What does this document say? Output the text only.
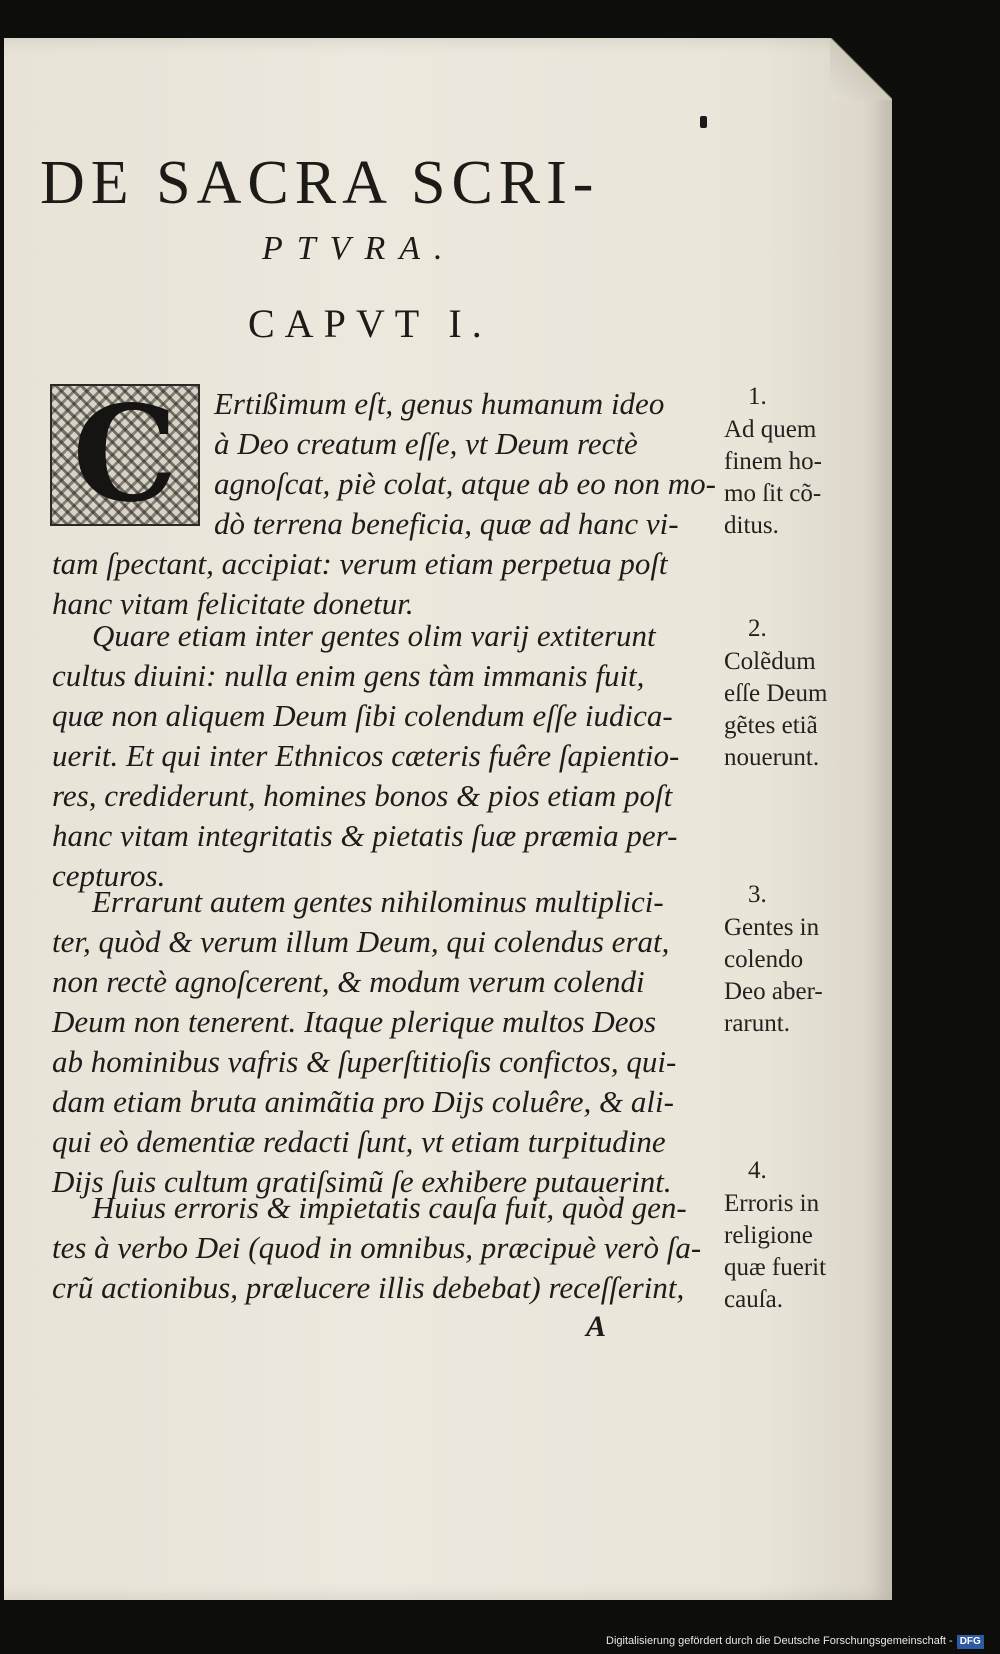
DE SACRA SCRI-
PTVRA.
CAPVT I.
C	Ertißimum eſt, genus humanum ideo
à Deo creatum eſſe, vt Deum rectè
agnoſcat, piè colat, atque ab eo non mo-
dò terrena beneficia, quæ ad hanc vi-
tam ſpectant, accipiat: verum etiam perpetua poſt
hanc vitam felicitate donetur.
Quare etiam inter gentes olim varij extiterunt
cultus diuini: nulla enim gens tàm immanis fuit,
quæ non aliquem Deum ſibi colendum eſſe iudica-
uerit. Et qui inter Ethnicos cæteris fuêre ſapientio-
res, crediderunt, homines bonos & pios etiam poſt
hanc vitam integritatis & pietatis ſuæ præmia per-
cepturos.
Errarunt autem gentes nihilominus multiplici-
ter, quòd & verum illum Deum, qui colendus erat,
non rectè agnoſcerent, & modum verum colendi
Deum non tenerent. Itaque plerique multos Deos
ab hominibus vafris & ſuperſtitioſis confictos, qui-
dam etiam bruta animãtia pro Dijs coluêre, & ali-
qui eò dementiæ redacti ſunt, vt etiam turpitudine
Dijs ſuis cultum gratiſsimũ ſe exhibere putauerint.
Huius erroris & impietatis cauſa fuit, quòd gen-
tes à verbo Dei (quod in omnibus, præcipuè verò ſa-
crũ actionibus, prælucere illis debebat) receſſerint,
A
1.
Ad quem
finem ho-
mo ſit cõ-
ditus.
2.
Colẽdum
eſſe Deum
gẽtes etiã
nouerunt.
3.
Gentes in
colendo
Deo aber-
rarunt.
4.
Erroris in
religione
quæ fuerit
cauſa.
Digitalisierung gefördert durch die Deutsche Forschungsgemeinschaft - DFG
